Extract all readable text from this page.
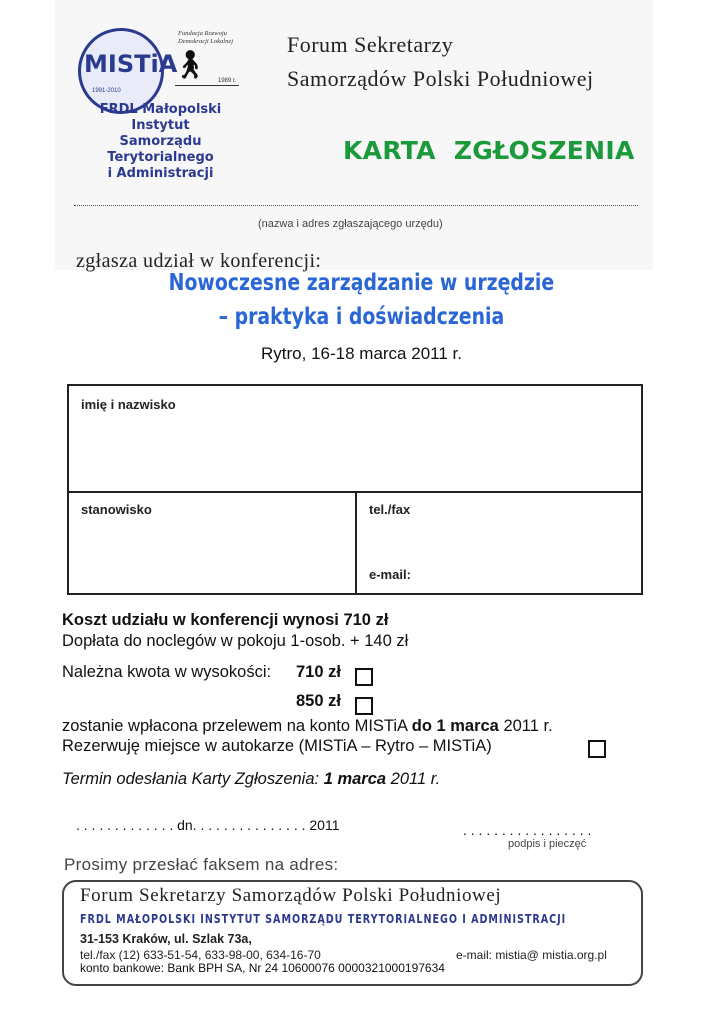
MISTiA
1991-2010
Fundacja Rozwoju
Demokracji Lokalnej
🚶︎
1989 r.
FRDL Małopolski Instytut
Samorządu Terytorialnego
i Administracji
Forum Sekretarzy
Samorządów Polski Południowej
KARTA  ZGŁOSZENIA
(nazwa i adres zgłaszającego urzędu)
zgłasza udział w konferencji:
Nowoczesne zarządzanie w urzędzie
– praktyka i doświadczenia
Rytro, 16-18 marca 2011 r.
imię i nazwisko
stanowisko	tel./fax
e-mail:
Koszt udziału w konferencji wynosi 710 zł
Dopłata do noclegów w pokoju 1-osob. + 140 zł
Należna kwota w wysokości: 710 zł
850 zł
zostanie wpłacona przelewem na konto MISTiA do 1 marca 2011 r.
Rezerwuję miejsce w autokarze (MISTiA – Rytro – MISTiA)
Termin odesłania Karty Zgłoszenia: 1 marca 2011 r.
. . . . . . . . . . . . . dn. . . . . . . . . . . . . . . 2011	. . . . . . . . . . . . . . . . .
podpis i pieczęć
Prosimy przesłać faksem na adres:
Forum Sekretarzy Samorządów Polski Południowej
FRDL MAŁOPOLSKI INSTYTUT SAMORZĄDU TERYTORIALNEGO I ADMINISTRACJI
31-153 Kraków, ul. Szlak 73a,
tel./fax (12) 633-51-54, 633-98-00, 634-16-70	e-mail: mistia@ mistia.org.pl
konto bankowe: Bank BPH SA, Nr 24 10600076 0000321000197634
